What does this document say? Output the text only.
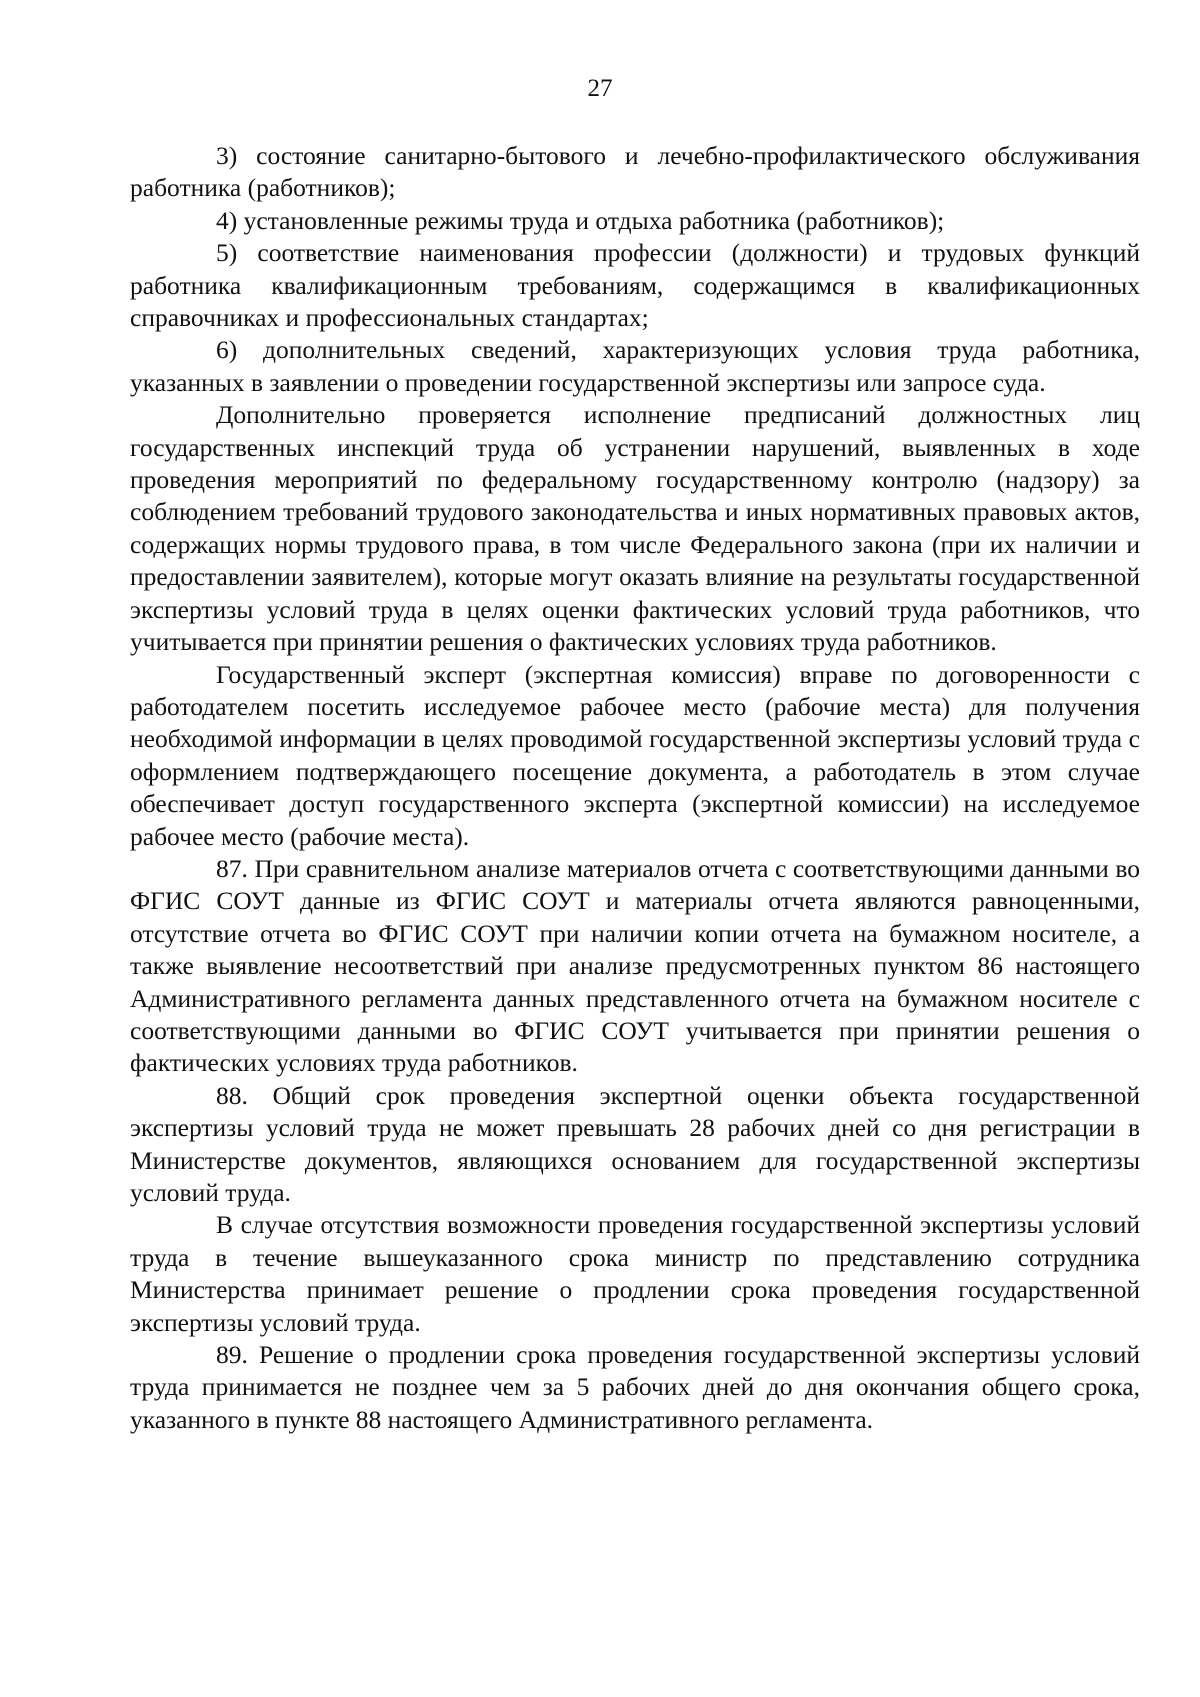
27

3) состояние санитарно-бытового и лечебно-профилактического обслуживания работника (работников);

4) установленные режимы труда и отдыха работника (работников);

5) соответствие наименования профессии (должности) и трудовых функций работника квалификационным требованиям, содержащимся в квалификационных справочниках и профессиональных стандартах;

6) дополнительных сведений, характеризующих условия труда работника, указанных в заявлении о проведении государственной экспертизы или запросе суда.

Дополнительно проверяется исполнение предписаний должностных лиц государственных инспекций труда об устранении нарушений, выявленных в ходе проведения мероприятий по федеральному государственному контролю (надзору) за соблюдением требований трудового законодательства и иных нормативных правовых актов, содержащих нормы трудового права, в том числе Федерального закона (при их наличии и предоставлении заявителем), которые могут оказать влияние на результаты государственной экспертизы условий труда в целях оценки фактических условий труда работников, что учитывается при принятии решения о фактических условиях труда работников.

Государственный эксперт (экспертная комиссия) вправе по договоренности с работодателем посетить исследуемое рабочее место (рабочие места) для получения необходимой информации в целях проводимой государственной экспертизы условий труда с оформлением подтверждающего посещение документа, а работодатель в этом случае обеспечивает доступ государственного эксперта (экспертной комиссии) на исследуемое рабочее место (рабочие места).

87. При сравнительном анализе материалов отчета с соответствующими данными во ФГИС СОУТ данные из ФГИС СОУТ и материалы отчета являются равноценными, отсутствие отчета во ФГИС СОУТ при наличии копии отчета на бумажном носителе, а также выявление несоответствий при анализе предусмотренных пунктом 86 настоящего Административного регламента данных представленного отчета на бумажном носителе с соответствующими данными во ФГИС СОУТ учитывается при принятии решения о фактических условиях труда работников.

88. Общий срок проведения экспертной оценки объекта государственной экспертизы условий труда не может превышать 28 рабочих дней со дня регистрации в Министерстве документов, являющихся основанием для государственной экспертизы условий труда.

В случае отсутствия возможности проведения государственной экспертизы условий труда в течение вышеуказанного срока министр по представлению сотрудника Министерства принимает решение о продлении срока проведения государственной экспертизы условий труда.

89. Решение о продлении срока проведения государственной экспертизы условий труда принимается не позднее чем за 5 рабочих дней до дня окончания общего срока, указанного в пункте 88 настоящего Административного регламента.
